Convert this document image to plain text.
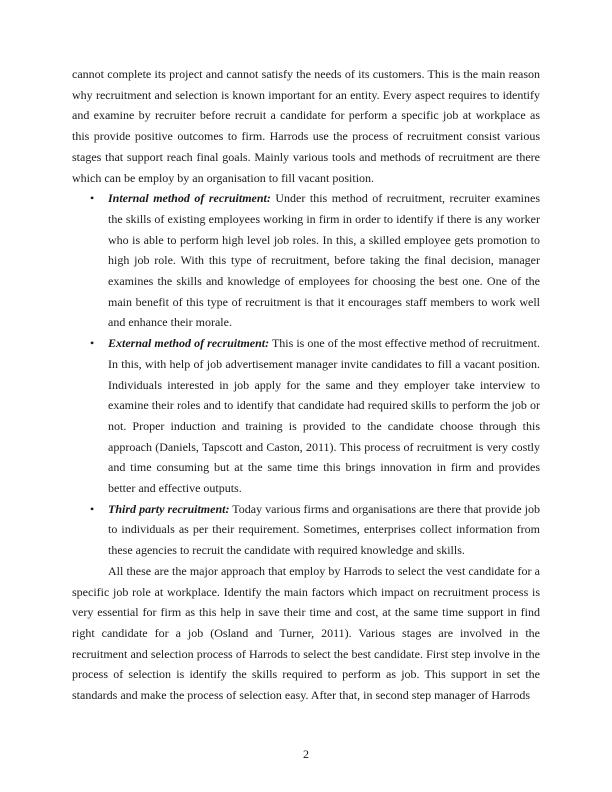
cannot complete its project and cannot satisfy the needs of its customers. This is the main reason why recruitment and selection is known important for an entity. Every aspect requires to identify and examine by recruiter before recruit a candidate for perform a specific job at workplace as this provide positive outcomes to firm. Harrods use the process of recruitment consist various stages that support reach final goals. Mainly various tools and methods of recruitment are there which can be employ by an organisation to fill vacant position.

• Internal method of recruitment: Under this method of recruitment, recruiter examines the skills of existing employees working in firm in order to identify if there is any worker who is able to perform high level job roles. In this, a skilled employee gets promotion to high job role. With this type of recruitment, before taking the final decision, manager examines the skills and knowledge of employees for choosing the best one. One of the main benefit of this type of recruitment is that it encourages staff members to work well and enhance their morale.
• External method of recruitment: This is one of the most effective method of recruitment. In this, with help of job advertisement manager invite candidates to fill a vacant position. Individuals interested in job apply for the same and they employer take interview to examine their roles and to identify that candidate had required skills to perform the job or not. Proper induction and training is provided to the candidate choose through this approach (Daniels, Tapscott and Caston, 2011). This process of recruitment is very costly and time consuming but at the same time this brings innovation in firm and provides better and effective outputs.
• Third party recruitment: Today various firms and organisations are there that provide job to individuals as per their requirement. Sometimes, enterprises collect information from these agencies to recruit the candidate with required knowledge and skills.

All these are the major approach that employ by Harrods to select the vest candidate for a specific job role at workplace. Identify the main factors which impact on recruitment process is very essential for firm as this help in save their time and cost, at the same time support in find right candidate for a job (Osland and Turner, 2011). Various stages are involved in the recruitment and selection process of Harrods to select the best candidate. First step involve in the process of selection is identify the skills required to perform as job. This support in set the standards and make the process of selection easy. After that, in second step manager of Harrods

2
